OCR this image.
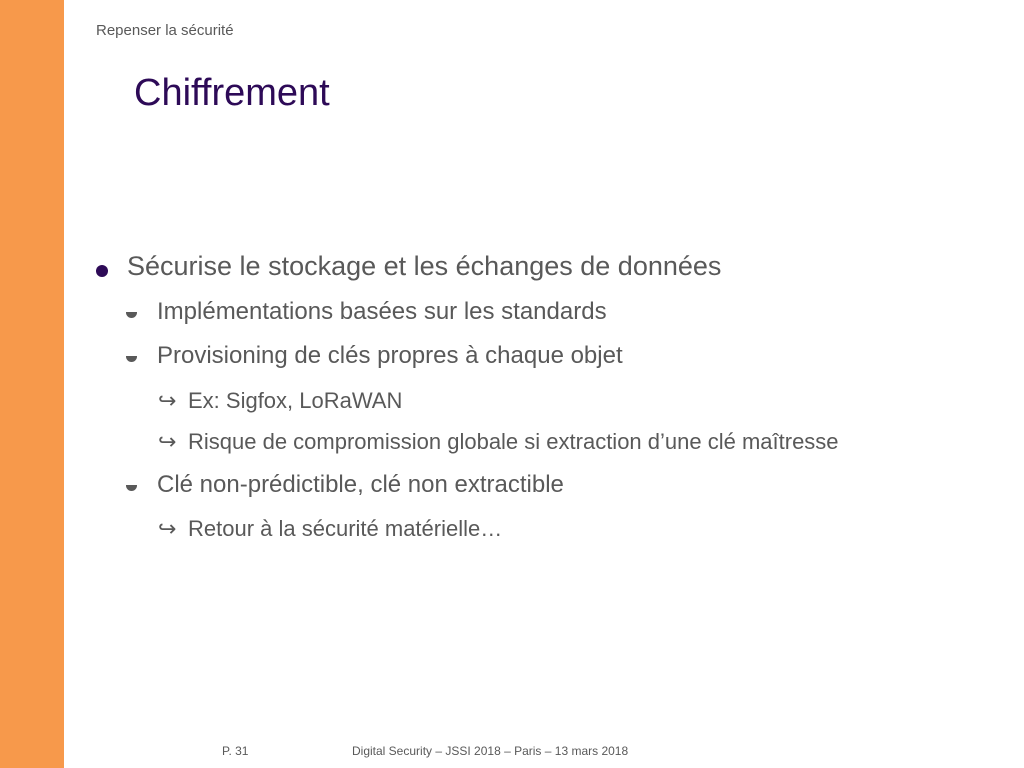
Repenser la sécurité
Chiffrement
Sécurise le stockage et les échanges de données
Implémentations basées sur les standards
Provisioning de clés propres à chaque objet
↪ Ex: Sigfox, LoRaWAN
↪ Risque de compromission globale si extraction d’une clé maîtresse
Clé non-prédictible, clé non extractible
↪ Retour à la sécurité matérielle…
P. 31	Digital Security – JSSI 2018 – Paris – 13 mars 2018
